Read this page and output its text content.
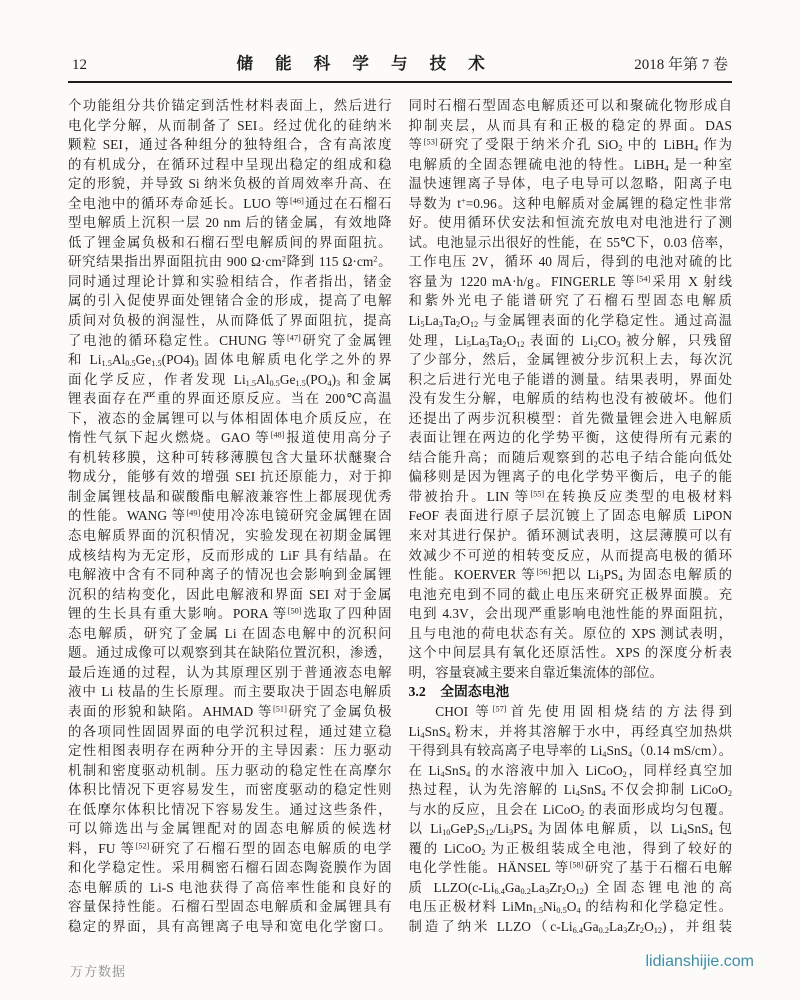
12	储 能 科 学 与 技 术	2018 年第 7 卷
个功能组分共价锚定到活性材料表面上，然后进行
电化学分解，从而制备了 SEI。经过优化的硅纳米
颗粒 SEI，通过各种组分的独特组合，含有高浓度
的有机成分，在循环过程中呈现出稳定的组成和稳
定的形貌，并导致 Si 纳米负极的首周效率升高、在
全电池中的循环寿命延长。LUO 等[46]通过在石榴石
型电解质上沉积一层 20 nm 后的锗金属，有效地降
低了锂金属负极和石榴石型电解质间的界面阻抗。
研究结果指出界面阻抗由 900 $\Omega\cdot cm^2$降到 115 $\Omega\cdot cm^2$。
同时通过理论计算和实验相结合，作者指出，锗金
属的引入促使界面处锂锗合金的形成，提高了电解
质间对负极的润湿性，从而降低了界面阻抗，提高
了电池的循环稳定性。CHUNG 等[47]研究了金属锂
和 $Li_{1.5}Al_{0.5}Ge_{1.5}(PO4)_3$ 固体电解质电化学之外的界
面化学反应，作者发现 $Li_{1.5}Al_{0.5}Ge_{1.5}(PO_4)_3$ 和金属
锂表面存在严重的界面还原反应。当在 200℃高温
下，液态的金属锂可以与体相固体电介质反应，在
惰性气氛下起火燃烧。GAO 等[48]报道使用高分子
有机转移膜，这种可转移薄膜包含大量环状醚聚合
物成分，能够有效的增强 SEI 抗还原能力，对于抑
制金属锂枝晶和碳酸酯电解液兼容性上都展现优秀
的性能。WANG 等[49]使用冷冻电镜研究金属锂在固
态电解质界面的沉积情况，实验发现在初期金属锂
成核结构为无定形，反而形成的 LiF 具有结晶。在
电解液中含有不同种离子的情况也会影响到金属锂
沉积的结构变化，因此电解液和界面 SEI 对于金属
锂的生长具有重大影响。PORA 等[50]选取了四种固
态电解质，研究了金属 Li 在固态电解中的沉积问
题。通过成像可以观察到其在缺陷位置沉积，渗透，
最后连通的过程，认为其原理区别于普通液态电解
液中 Li 枝晶的生长原理。而主要取决于固态电解质
表面的形貌和缺陷。AHMAD 等[51]研究了金属负极
的各项同性固固界面的电学沉积过程，通过建立稳
定性相图表明存在两种分开的主导因素：压力驱动
机制和密度驱动机制。压力驱动的稳定性在高摩尔
体积比情况下更容易发生，而密度驱动的稳定性则
在低摩尔体积比情况下容易发生。通过这些条件，
可以筛选出与金属锂配对的固态电解质的候选材
料，FU 等[52]研究了石榴石型的固态电解质的电学
和化学稳定性。采用稠密石榴石固态陶瓷膜作为固
态电解质的 Li-S 电池获得了高倍率性能和良好的
容量保持性能。石榴石型固态电解质和金属锂具有
稳定的界面，具有高锂离子电导和宽电化学窗口。
同时石榴石型固态电解质还可以和聚硫化物形成自
抑制夹层，从而具有和正极的稳定的界面。DAS
等[53]研究了受限于纳米介孔 SiO$_2$ 中的 LiBH$_4$ 作为
电解质的全固态锂硫电池的特性。LiBH$_4$ 是一种室
温快速锂离子导体，电子电导可以忽略，阳离子电
导数为 t+=0.96。这种电解质对金属锂的稳定性非常
好。使用循环伏安法和恒流充放电对电池进行了测
试。电池显示出很好的性能，在 55℃下，0.03 倍率，
工作电压 2V，循环 40 周后，得到的电池对硫的比
容量为 1220 mA·h/g。FINGERLE 等[54]采用 X 射线
和紫外光电子能谱研究了石榴石型固态电解质
$Li_5La_3Ta_2O_{12}$ 与金属锂表面的化学稳定性。通过高温
处理，$Li_5La_3Ta_2O_{12}$ 表面的 $Li_2CO_3$ 被分解，只残留
了少部分，然后，金属锂被分步沉积上去，每次沉
积之后进行光电子能谱的测量。结果表明，界面处
没有发生分解，电解质的结构也没有被破坏。他们
还提出了两步沉积模型：首先微量锂会进入电解质
表面让锂在两边的化学势平衡，这使得所有元素的
结合能升高；而随后观察到的芯电子结合能向低处
偏移则是因为锂离子的电化学势平衡后，电子的能
带被抬升。LIN 等[55]在转换反应类型的电极材料
FeOF 表面进行原子层沉镀上了固态电解质 LiPON
来对其进行保护。循环测试表明，这层薄膜可以有
效减少不可逆的相转变反应，从而提高电极的循环
性能。KOERVER 等[56]把以 $Li_3PS_4$ 为固态电解质的
电池充电到不同的截止电压来研究正极界面膜。充
电到 4.3V，会出现严重影响电池性能的界面阻抗，
且与电池的荷电状态有关。原位的 XPS 测试表明，
这个中间层具有氧化还原活性。XPS 的深度分析表
明，容量衰减主要来自靠近集流体的部位。
3.2 全固态电池
CHOI 等[57]首先使用固相烧结的方法得到
$Li_4SnS_4$ 粉末，并将其溶解于水中，再经真空加热烘
干得到具有较高离子电导率的 $Li_4SnS_4(0.14$ mS/cm）。
在 $Li_4SnS_4$ 的水溶液中加入 LiCoO$_2$，同样经真空加
热过程，认为先溶解的 $Li_4SnS_4$ 不仅会抑制 LiCoO$_2$
与水的反应，且会在 LiCoO$_2$ 的表面形成均匀包覆。
以 $Li_{10}GeP_2S_{12}/Li_3PS_4$ 为固体电解质，以 $Li_4SnS_4$ 包
覆的 LiCoO$_2$ 为正极组装成全电池，得到了较好的
电化学性能。HÄNSEL 等[58]研究了基于石榴石电解
质 $LLZO(c-Li_{6.4}Ga_{0.2}La_3Zr_2O_{12})$ 全固态锂电池的高
电压正极材料 $LiMn_{1.5}Ni_{0.5}O_4$ 的结构和化学稳定性。
制造了纳米 $LLZO(c-Li_{6.4}Ga_{0.2}La_3Zr_2O_{12})$，并组装
万方数据
lidianshijie.com
